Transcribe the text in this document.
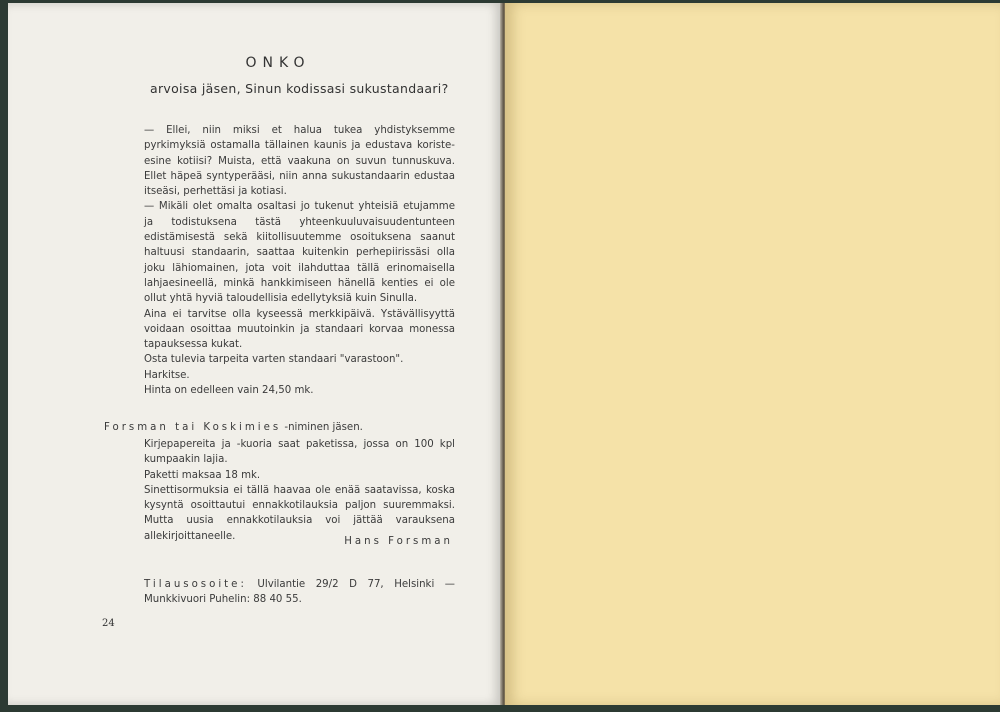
ONKO
arvoisa jäsen, Sinun kodissasi sukustandaari?

— Ellei, niin miksi et halua tukea yhdistyksemme pyrkimyksiä ostamalla tällainen kaunis ja edustava koriste-esine kotiisi? Muista, että vaakuna on suvun tunnuskuva. Ellet häpeä syntyperääsi, niin anna sukustandaarin edustaa itseäsi, perhettäsi ja kotiasi.

— Mikäli olet omalta osaltasi jo tukenut yhteisiä etujamme ja todistuksena tästä yhteenkuuluvaisuudentunteen edistämisestä sekä kiitollisuutemme osoituksena saanut haltuusi standaarin, saattaa kuitenkin perhepiirissäsi olla joku lähiomainen, jota voit ilahduttaa tällä erinomaisella lahjaesineellä, minkä hankkimiseen hänellä kenties ei ole ollut yhtä hyviä taloudellisia edellytyksiä kuin Sinulla.

Aina ei tarvitse olla kyseessä merkkipäivä. Ystävällisyyttä voidaan osoittaa muutoinkin ja standaari korvaa monessa tapauksessa kukat.

Osta tulevia tarpeita varten standaari "varastoon".

Harkitse.

Hinta on edelleen vain 24,50 mk.

Forsman tai Koskimies -niminen jäsen.

Kirjepapereita ja -kuoria saat paketissa, jossa on 100 kpl kumpaakin lajia.

Paketti maksaa 18 mk.

Sinettisormuksia ei tällä haavaa ole enää saatavissa, koska kysyntä osoittautui ennakkotilauksia paljon suuremmaksi. Mutta uusia ennakkotilauksia voi jättää varauksena allekirjoittaneelle.	Hans Forsman
Tilausosoite: Ulvilantie 29/2 D 77, Helsinki — Munkkivuori Puhelin: 88 40 55.
24
